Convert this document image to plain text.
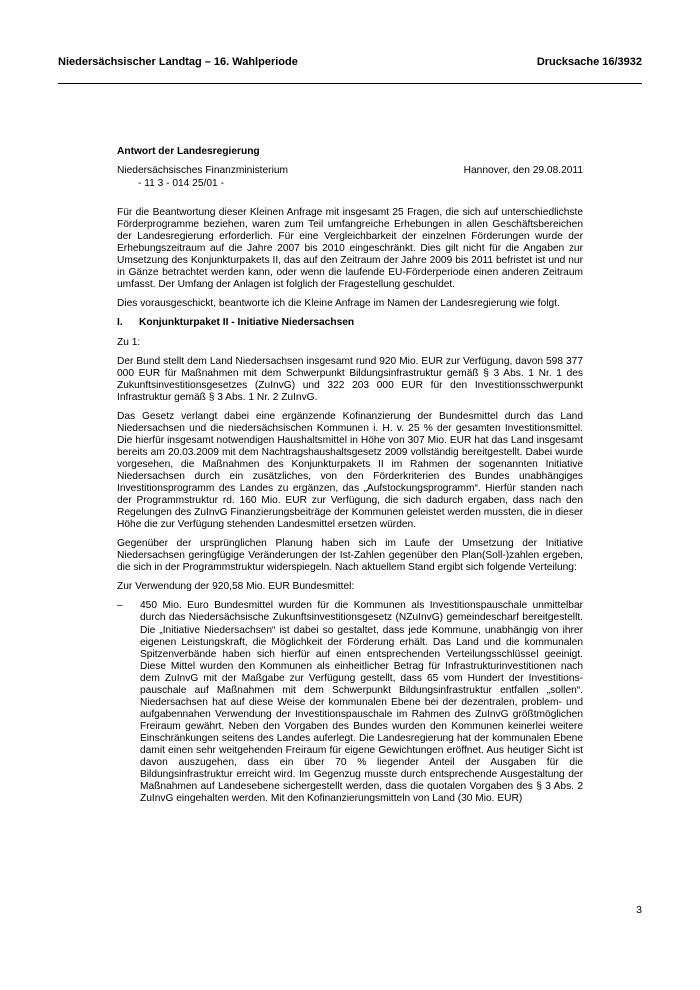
Niedersächsischer Landtag – 16. Wahlperiode	Drucksache 16/3932

Antwort der Landesregierung

Niedersächsisches Finanzministerium	Hannover, den 29.08.2011
- 11 3 - 014 25/01 -

Für die Beantwortung dieser Kleinen Anfrage mit insgesamt 25 Fragen, die sich auf unterschiedlichste Förderprogramme beziehen, waren zum Teil umfangreiche Erhebungen in allen Geschäftsbereichen der Landesregierung erforderlich. Für eine Vergleichbarkeit der einzelnen Förderungen wurde der Erhebungszeitraum auf die Jahre 2007 bis 2010 eingeschränkt. Dies gilt nicht für die Angaben zur Umsetzung des Konjunkturpakets II, das auf den Zeitraum der Jahre 2009 bis 2011 befristet ist und nur in Gänze betrachtet werden kann, oder wenn die laufende EU-Förderperiode einen anderen Zeitraum umfasst. Der Umfang der Anlagen ist folglich der Fragestellung geschuldet.

Dies vorausgeschickt, beantworte ich die Kleine Anfrage im Namen der Landesregierung wie folgt.

I. Konjunkturpaket II - Initiative Niedersachsen

Zu 1:

Der Bund stellt dem Land Niedersachsen insgesamt rund 920 Mio. EUR zur Verfügung, davon 598 377 000 EUR für Maßnahmen mit dem Schwerpunkt Bildungsinfrastruktur gemäß § 3 Abs. 1 Nr. 1 des Zukunftsinvestitionsgesetzes (ZuInvG) und 322 203 000 EUR für den Investitionsschwerpunkt Infrastruktur gemäß § 3 Abs. 1 Nr. 2 ZuInvG.

Das Gesetz verlangt dabei eine ergänzende Kofinanzierung der Bundesmittel durch das Land Niedersachsen und die niedersächsischen Kommunen i. H. v. 25 % der gesamten Investitionsmittel. Die hierfür insgesamt notwendigen Haushaltsmittel in Höhe von 307 Mio. EUR hat das Land insgesamt bereits am 20.03.2009 mit dem Nachtragshaushaltsgesetz 2009 vollständig bereitgestellt. Dabei wurde vorgesehen, die Maßnahmen des Konjunkturpakets II im Rahmen der sogenannten Initiative Niedersachsen durch ein zusätzliches, von den Förderkriterien des Bundes unabhängiges Investitionsprogramm des Landes zu ergänzen, das „Aufstockungsprogramm“. Hierfür standen nach der Programmstruktur rd. 160 Mio. EUR zur Verfügung, die sich dadurch ergaben, dass nach den Regelungen des ZuInvG Finanzierungsbeiträge der Kommunen geleistet werden mussten, die in dieser Höhe die zur Verfügung stehenden Landesmittel ersetzen würden.

Gegenüber der ursprünglichen Planung haben sich im Laufe der Umsetzung der Initiative Niedersachsen geringfügige Veränderungen der Ist-Zahlen gegenüber den Plan(Soll-)zahlen ergeben, die sich in der Programmstruktur widerspiegeln. Nach aktuellem Stand ergibt sich folgende Verteilung:

Zur Verwendung der 920,58 Mio. EUR Bundesmittel:

– 450 Mio. Euro Bundesmittel wurden für die Kommunen als Investitionspauschale unmittelbar durch das Niedersächsische Zukunftsinvestitionsgesetz (NZuInvG) gemeindescharf bereitgestellt. Die „Initiative Niedersachsen“ ist dabei so gestaltet, dass jede Kommune, unabhängig von ihrer eigenen Leistungskraft, die Möglichkeit der Förderung erhält. Das Land und die kommunalen Spitzenverbände haben sich hierfür auf einen entsprechenden Verteilungsschlüssel geeinigt. Diese Mittel wurden den Kommunen als einheitlicher Betrag für Infrastrukturinvestitionen nach dem ZuInvG mit der Maßgabe zur Verfügung gestellt, dass 65 vom Hundert der Investitions-pauschale auf Maßnahmen mit dem Schwerpunkt Bildungsinfrastruktur entfallen „sollen“. Niedersachsen hat auf diese Weise der kommunalen Ebene bei der dezentralen, problem- und aufgabennahen Verwendung der Investitionspauschale im Rahmen des ZuInvG größtmöglichen Freiraum gewährt. Neben den Vorgaben des Bundes wurden den Kommunen keinerlei weitere Einschränkungen seitens des Landes auferlegt. Die Landesregierung hat der kommunalen Ebene damit einen sehr weitgehenden Freiraum für eigene Gewichtungen eröffnet. Aus heutiger Sicht ist davon auszugehen, dass ein über 70 % liegender Anteil der Ausgaben für die Bildungsinfrastruktur erreicht wird. Im Gegenzug musste durch entsprechende Ausgestaltung der Maßnahmen auf Landesebene sichergestellt werden, dass die quotalen Vorgaben des § 3 Abs. 2 ZuInvG eingehalten werden. Mit den Kofinanzierungsmitteln von Land (30 Mio. EUR)
3
